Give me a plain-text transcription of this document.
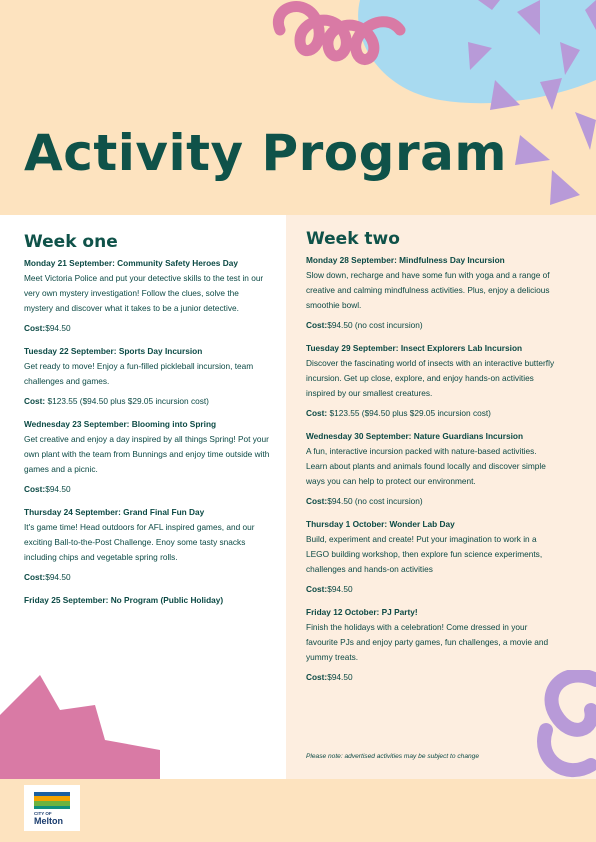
Activity Program
Week one

Monday 21 September: Community Safety Heroes Day

Meet Victoria Police and put your detective skills to the test in our very own mystery investigation! Follow the clues, solve the mystery and discover what it takes to be a junior detective.

Cost:$94.50

Tuesday 22 September: Sports Day Incursion

Get ready to move! Enjoy a fun-filled pickleball incursion, team challenges and games.

Cost: $123.55 ($94.50 plus $29.05 incursion cost)

Wednesday 23 September: Blooming into Spring

Get creative and enjoy a day inspired by all things Spring! Pot your own plant with the team from Bunnings and enjoy time outside with games and a picnic.

Cost:$94.50

Thursday 24 September: Grand Final Fun Day

It's game time! Head outdoors for AFL inspired games, and our exciting Ball-to-the-Post Challenge. Enoy some tasty snacks including chips and vegetable spring rolls.

Cost:$94.50

Friday 25 September: No Program (Public Holiday)

Week two

Monday 28 September: Mindfulness Day Incursion

Slow down, recharge and have some fun with yoga and a range of creative and calming mindfulness activities. Plus, enjoy a delicious smoothie bowl.

Cost:$94.50 (no cost incursion)

Tuesday 29 September: Insect Explorers Lab Incursion

Discover the fascinating world of insects with an interactive butterfly incursion. Get up close, explore, and enjoy hands-on activities inspired by our smallest creatures.

Cost: $123.55 ($94.50 plus $29.05 incursion cost)

Wednesday 30 September: Nature Guardians Incursion

A fun, interactive incursion packed with nature-based activities. Learn about plants and animals found locally and discover simple ways you can help to protect our environment.

Cost:$94.50 (no cost incursion)

Thursday 1 October: Wonder Lab Day

Build, experiment and create! Put your imagination to work in a LEGO building workshop, then explore fun science experiments, challenges and hands-on activities

Cost:$94.50

Friday 12 October: PJ Party!

Finish the holidays with a celebration! Come dressed in your favourite PJs and enjoy party games, fun challenges, a movie and yummy treats.

Cost:$94.50

Please note: advertised activities may be subject to change
CITY OF
Melton
